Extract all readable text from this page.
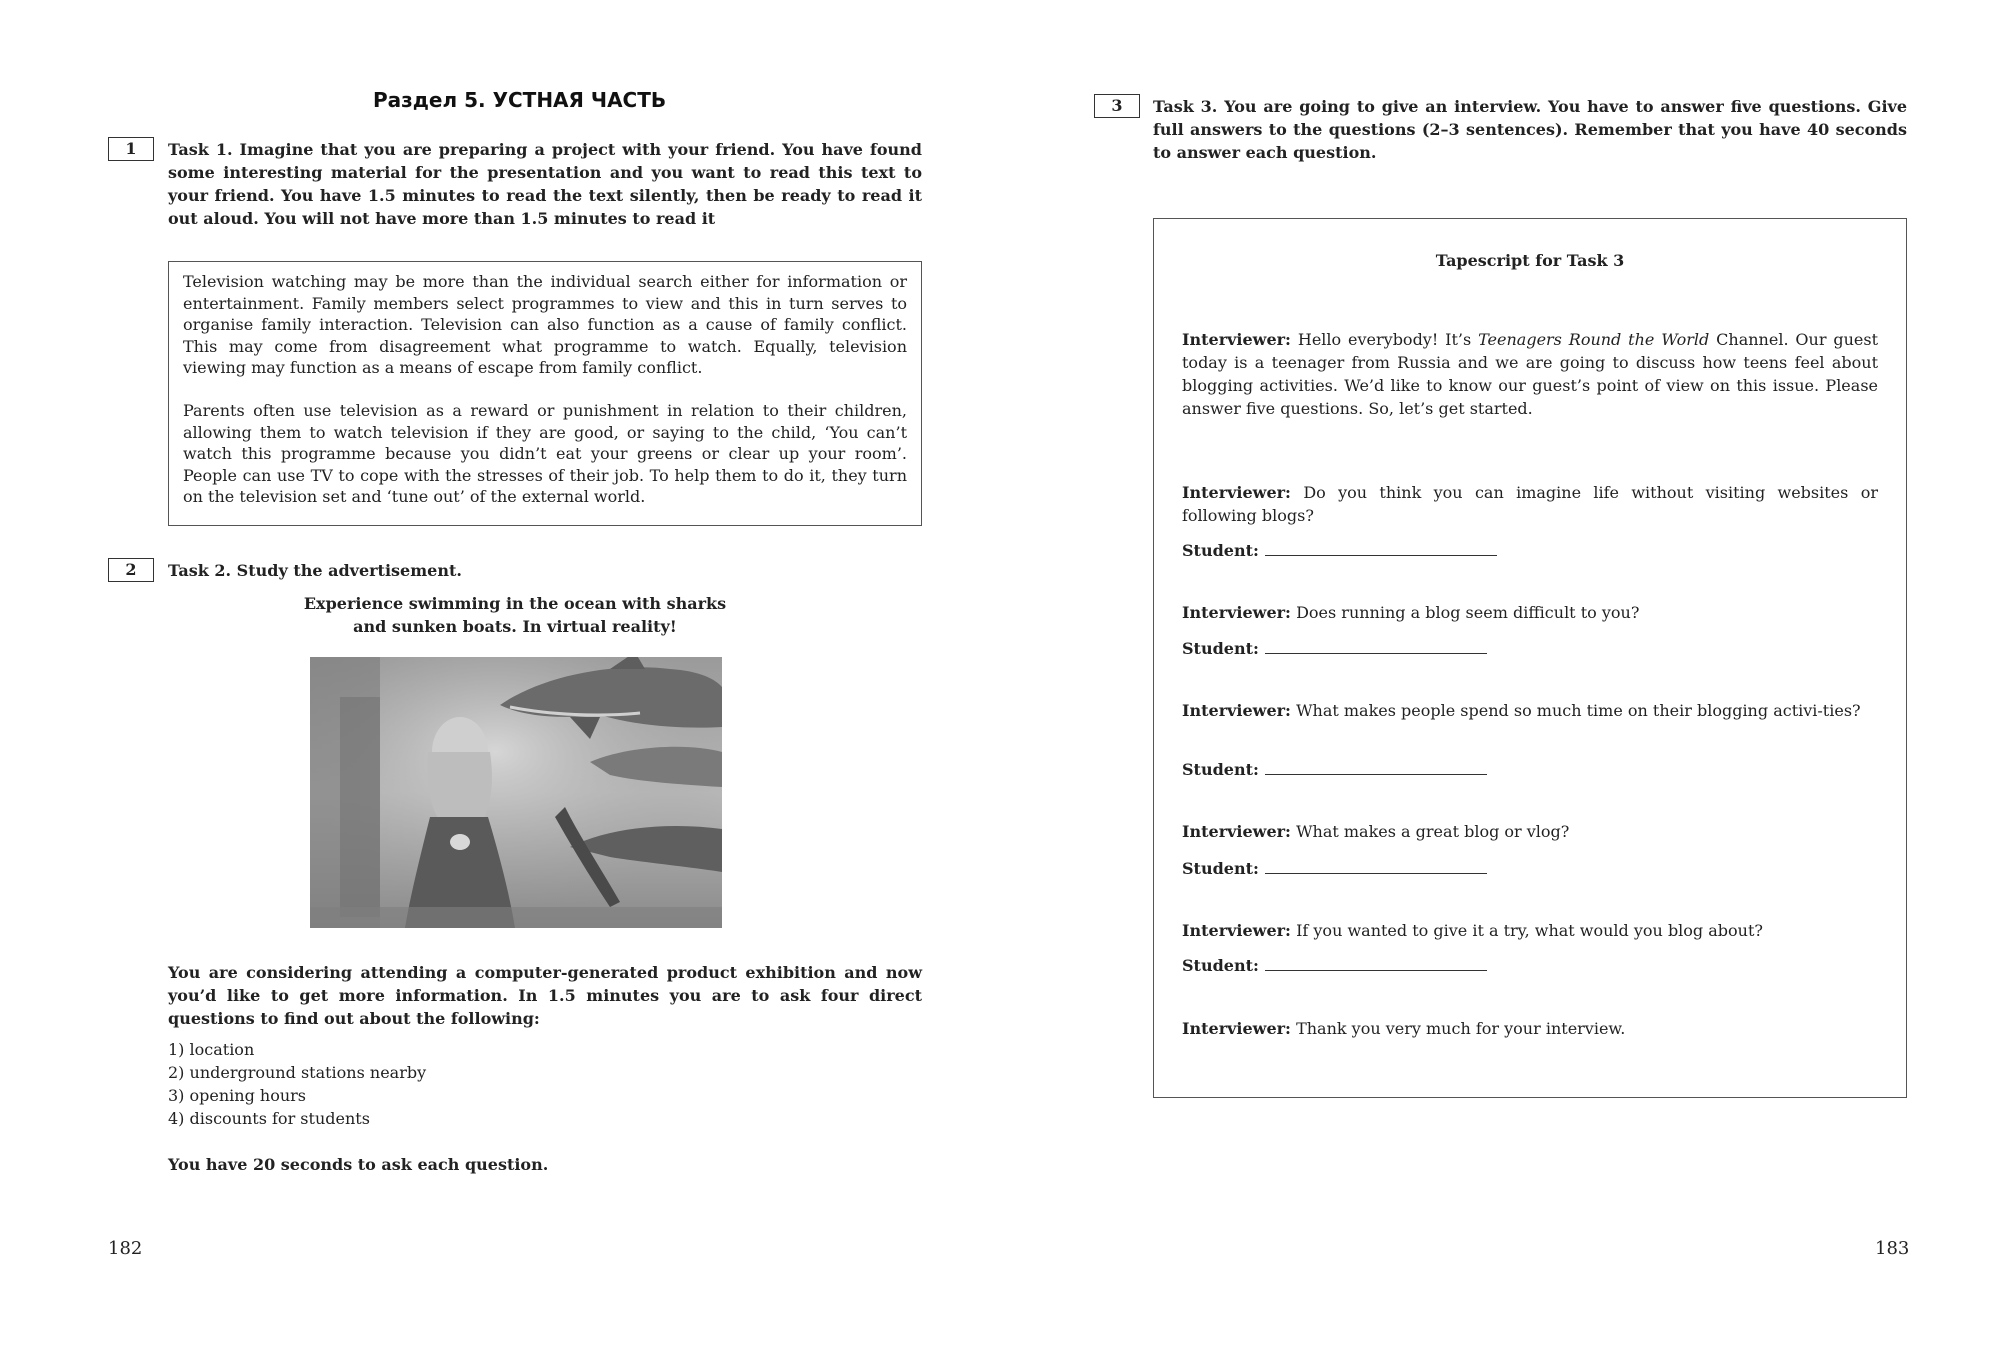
Раздел 5. УСТНАЯ ЧАСТЬ
1	Task 1. Imagine that you are preparing a project with your friend. You have found some interesting material for the presentation and you want to read this text to your friend. You have 1.5 minutes to read the text silently, then be ready to read it out aloud. You will not have more than 1.5 minutes to read it

Television watching may be more than the individual search either for information or entertainment. Family members select programmes to view and this in turn serves to organise family interaction. Television can also function as a cause of family conflict. This may come from disagreement what programme to watch. Equally, television viewing may function as a means of escape from family conflict.

Parents often use television as a reward or punishment in relation to their children, allowing them to watch television if they are good, or saying to the child, ‘You can’t watch this programme because you didn’t eat your greens or clear up your room’. People can use TV to cope with the stresses of their job. To help them to do it, they turn on the television set and ‘tune out’ of the external world.

2	Task 2. Study the advertisement.
Experience swimming in the ocean with sharks
and sunken boats. In virtual reality!
You are considering attending a computer-generated product exhibition and now you’d like to get more information. In 1.5 minutes you are to ask four direct questions to find out about the following:
1) location
2) underground stations nearby
3) opening hours
4) discounts for students
You have 20 seconds to ask each question.
182
3	Task 3. You are going to give an interview. You have to answer five questions. Give full answers to the questions (2–3 sentences). Remember that you have 40 seconds to answer each question.
Tapescript for Task 3
Interviewer: Hello everybody! It’s Teenagers Round the World Channel. Our guest today is a teenager from Russia and we are going to discuss how teens feel about blogging activities. We’d like to know our guest’s point of view on this issue. Please answer five questions. So, let’s get started.
Interviewer: Do you think you can imagine life without visiting websites or following blogs?
Student:
Interviewer: Does running a blog seem difficult to you?
Student:
Interviewer: What makes people spend so much time on their blogging activi-ties?
Student:
Interviewer: What makes a great blog or vlog?
Student:
Interviewer: If you wanted to give it a try, what would you blog about?
Student:
Interviewer: Thank you very much for your interview.
183
